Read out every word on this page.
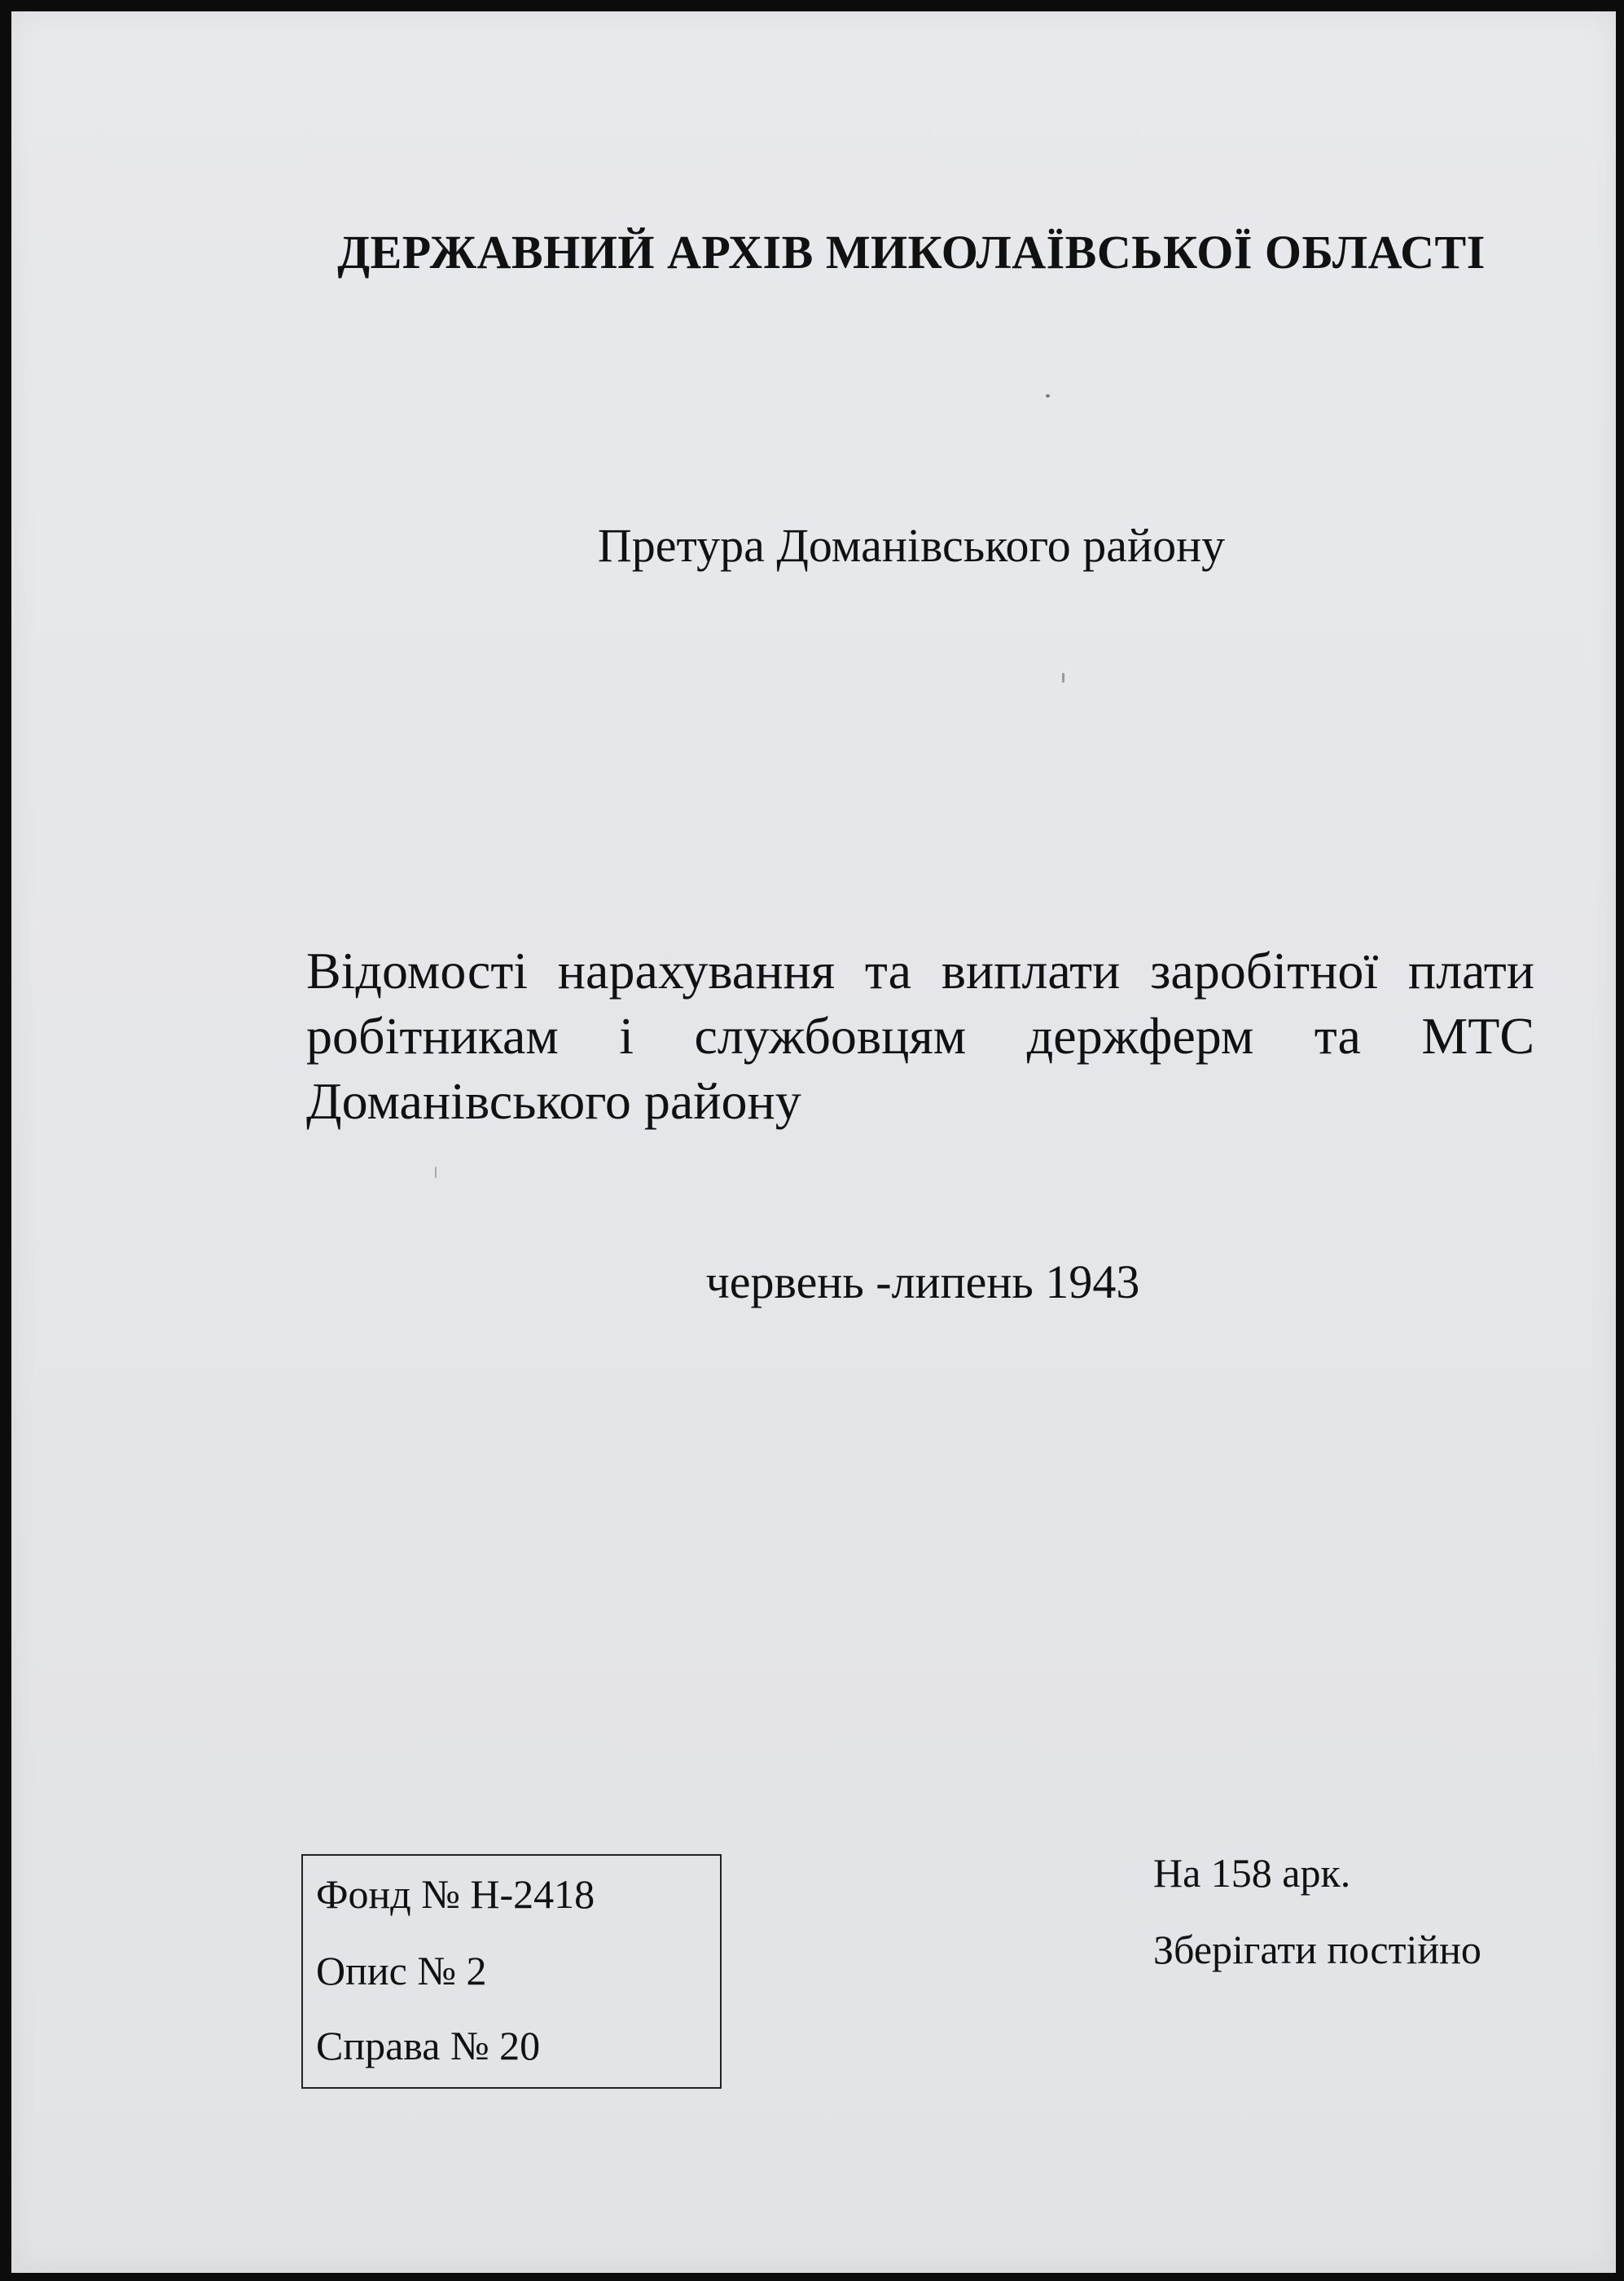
ДЕРЖАВНИЙ АРХІВ МИКОЛАЇВСЬКОЇ ОБЛАСТІ
Претура Доманівського району
Відомості нарахування та виплати заробітної плати робітникам і службовцям держферм та МТС Доманівського району
червень -липень 1943
Фонд № Н-2418
Опис № 2
Справа № 20
На 158 арк.
Зберігати постійно
